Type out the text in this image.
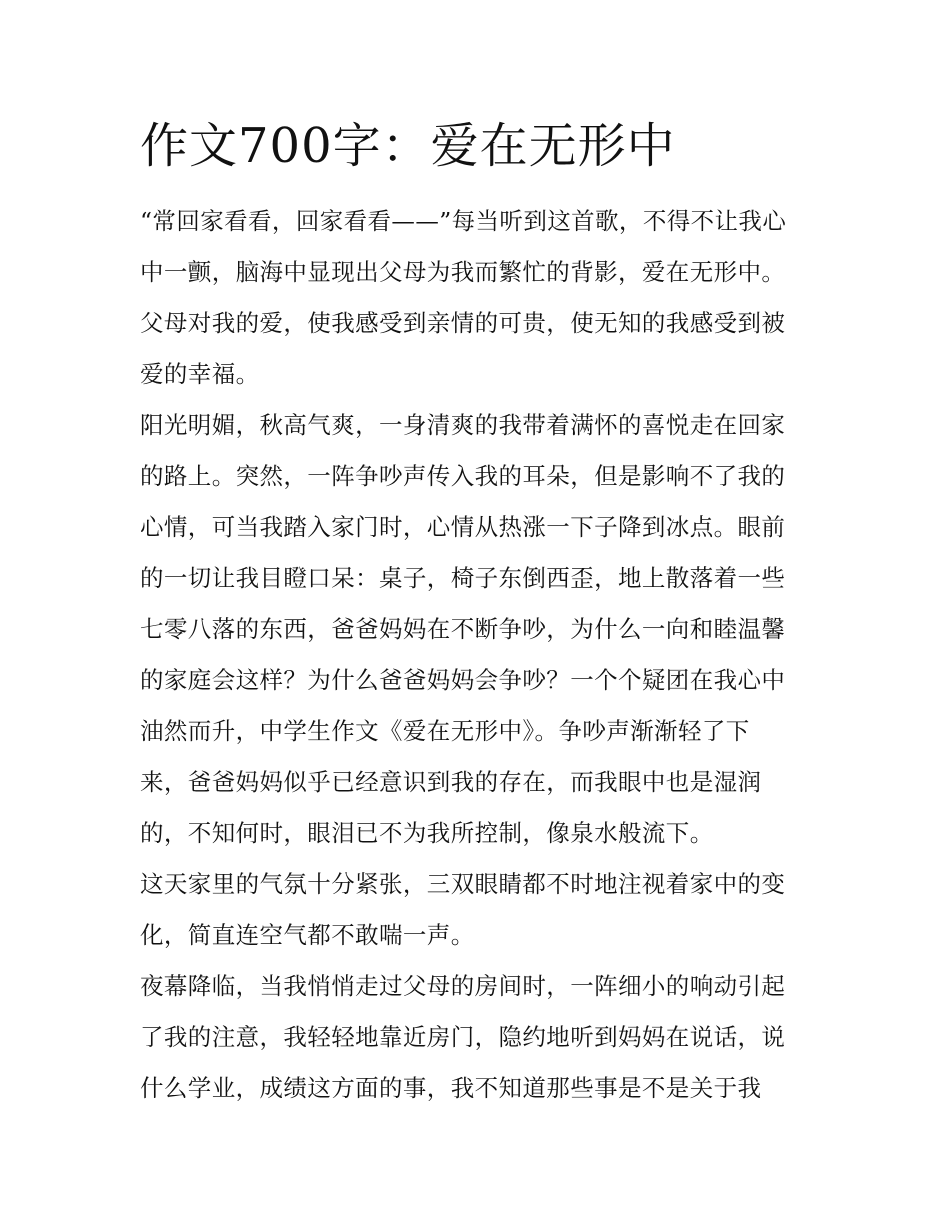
作文700字：爱在无形中

“常回家看看，回家看看——”每当听到这首歌，不得不让我心

中一颤，脑海中显现出父母为我而繁忙的背影，爱在无形中。

父母对我的爱，使我感受到亲情的可贵，使无知的我感受到被

爱的幸福。

阳光明媚，秋高气爽，一身清爽的我带着满怀的喜悦走在回家

的路上。突然，一阵争吵声传入我的耳朵，但是影响不了我的

心情，可当我踏入家门时，心情从热涨一下子降到冰点。眼前

的一切让我目瞪口呆：桌子，椅子东倒西歪，地上散落着一些

七零八落的东西，爸爸妈妈在不断争吵，为什么一向和睦温馨

的家庭会这样？为什么爸爸妈妈会争吵？一个个疑团在我心中

油然而升，中学生作文《爱在无形中》。争吵声渐渐轻了下

来，爸爸妈妈似乎已经意识到我的存在，而我眼中也是湿润

的，不知何时，眼泪已不为我所控制，像泉水般流下。

这天家里的气氛十分紧张，三双眼睛都不时地注视着家中的变

化，简直连空气都不敢喘一声。

夜幕降临，当我悄悄走过父母的房间时，一阵细小的响动引起

了我的注意，我轻轻地靠近房门，隐约地听到妈妈在说话，说

什么学业，成绩这方面的事，我不知道那些事是不是关于我
